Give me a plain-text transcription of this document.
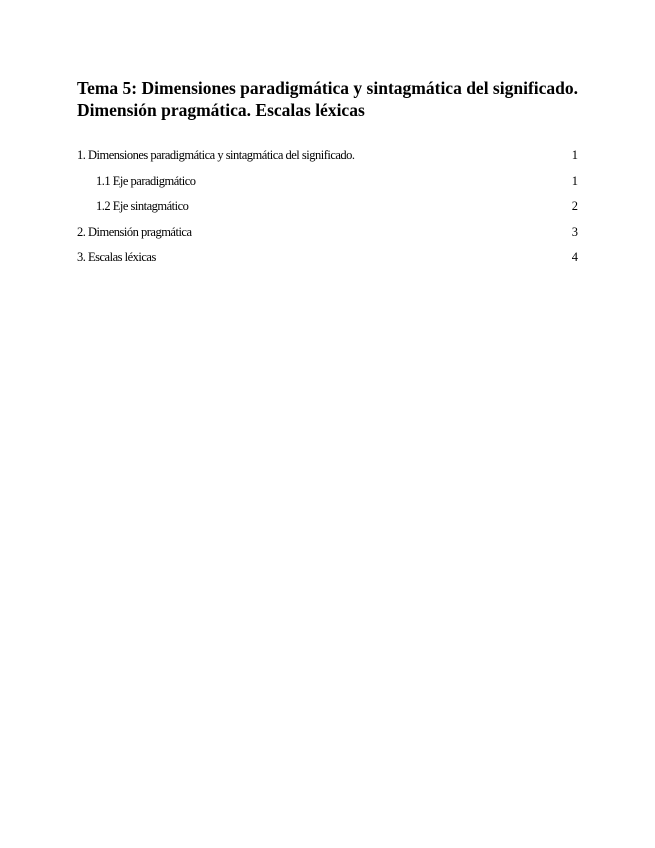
Tema 5: Dimensiones paradigmática y sintagmática del significado. Dimensión pragmática. Escalas léxicas
1. Dimensiones paradigmática y sintagmática del significado.	1
1.1 Eje paradigmático	1
1.2 Eje sintagmático	2
2. Dimensión pragmática	3
3. Escalas léxicas	4
